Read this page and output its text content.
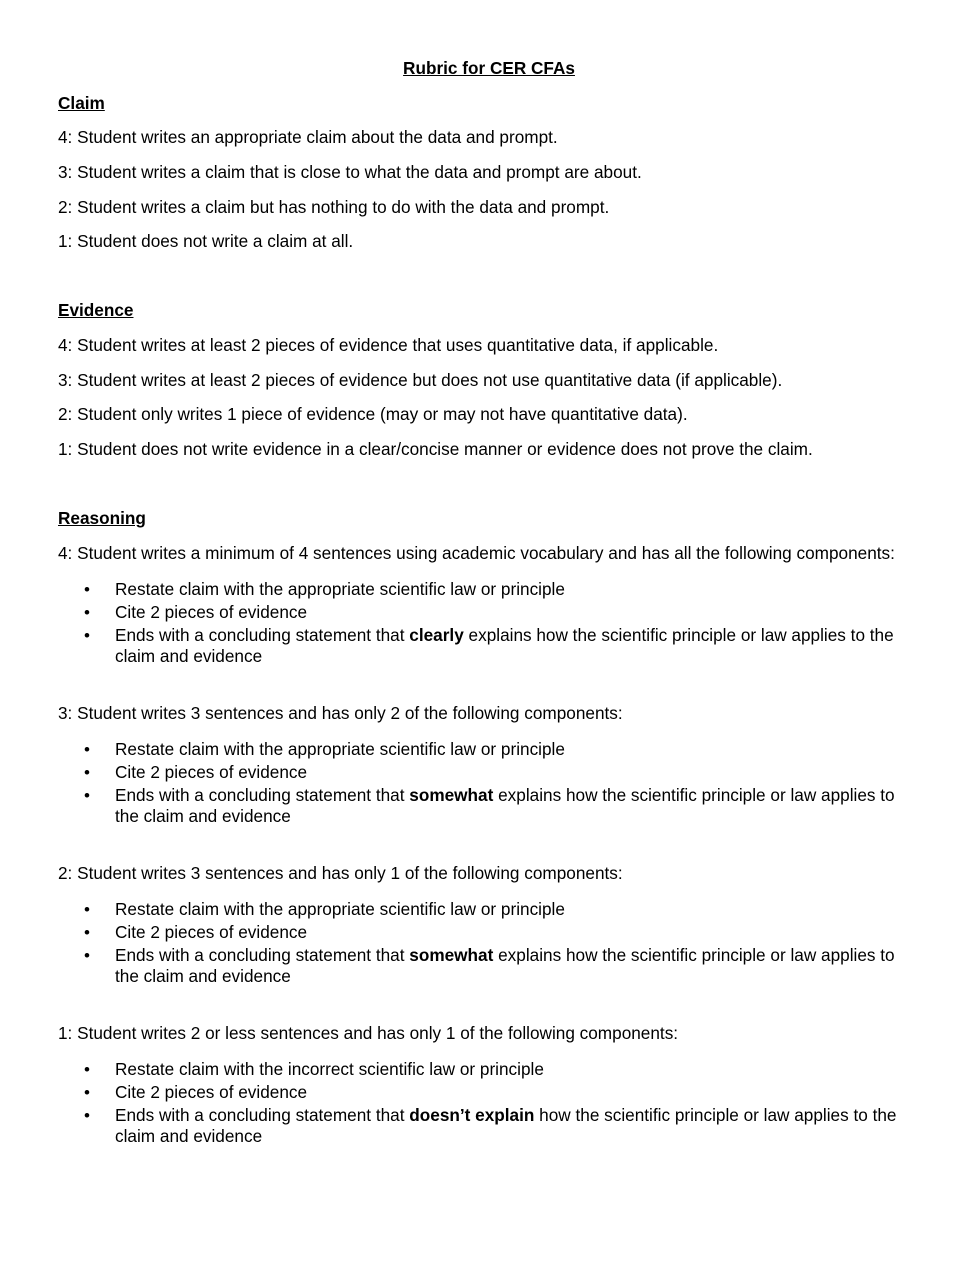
Rubric for CER CFAs
Claim

4: Student writes an appropriate claim about the data and prompt.

3: Student writes a claim that is close to what the data and prompt are about.

2: Student writes a claim but has nothing to do with the data and prompt.

1: Student does not write a claim at all.

Evidence

4: Student writes at least 2 pieces of evidence that uses quantitative data, if applicable.

3: Student writes at least 2 pieces of evidence but does not use quantitative data (if applicable).

2: Student only writes 1 piece of evidence (may or may not have quantitative data).

1: Student does not write evidence in a clear/concise manner or evidence does not prove the claim.

Reasoning

4: Student writes a minimum of 4 sentences using academic vocabulary and has all the following components:

• Restate claim with the appropriate scientific law or principle
• Cite 2 pieces of evidence
• Ends with a concluding statement that clearly explains how the scientific principle or law applies to the claim and evidence

3: Student writes 3 sentences and has only 2 of the following components:

• Restate claim with the appropriate scientific law or principle
• Cite 2 pieces of evidence
• Ends with a concluding statement that somewhat explains how the scientific principle or law applies to the claim and evidence

2: Student writes 3 sentences and has only 1 of the following components:

• Restate claim with the appropriate scientific law or principle
• Cite 2 pieces of evidence
• Ends with a concluding statement that somewhat explains how the scientific principle or law applies to the claim and evidence

1: Student writes 2 or less sentences and has only 1 of the following components:

• Restate claim with the incorrect scientific law or principle
• Cite 2 pieces of evidence
• Ends with a concluding statement that doesn’t explain how the scientific principle or law applies to the claim and evidence
